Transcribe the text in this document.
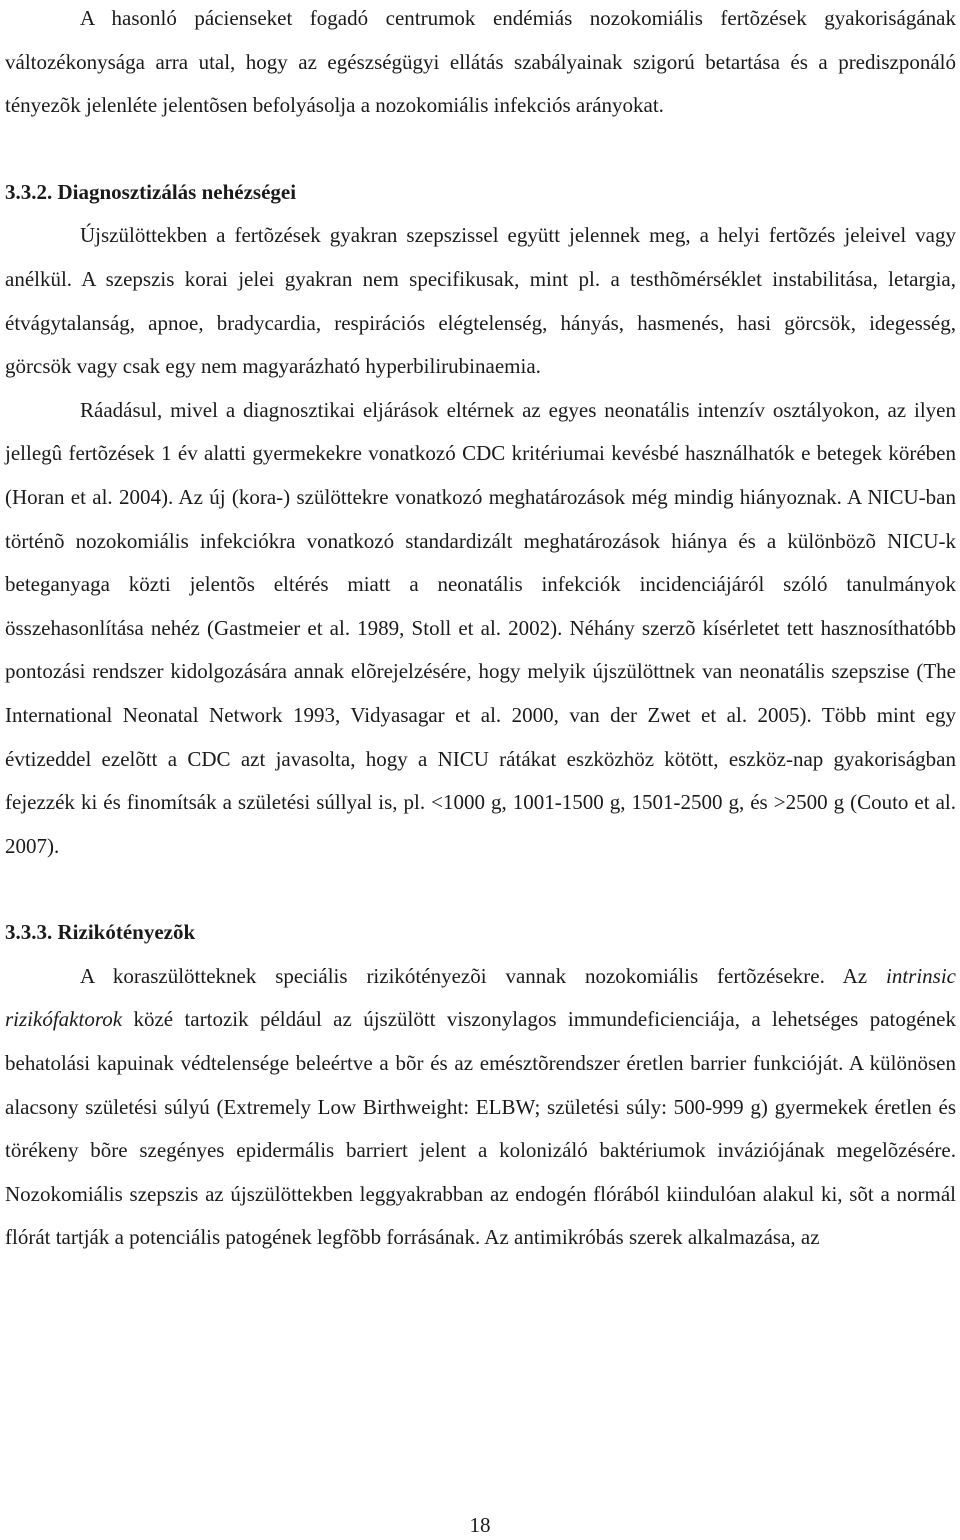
A hasonló pácienseket fogadó centrumok endémiás nozokomiális fertõzések gyakoriságának változékonysága arra utal, hogy az egészségügyi ellátás szabályainak szigorú betartása és a prediszponáló tényezõk jelenléte jelentõsen befolyásolja a nozokomiális infekciós arányokat.

3.3.2. Diagnosztizálás nehézségei

Újszülöttekben a fertõzések gyakran szepszissel együtt jelennek meg, a helyi fertõzés jeleivel vagy anélkül. A szepszis korai jelei gyakran nem specifikusak, mint pl. a testhõmérséklet instabilitása, letargia, étvágytalanság, apnoe, bradycardia, respirációs elégtelenség, hányás, hasmenés, hasi görcsök, idegesség, görcsök vagy csak egy nem magyarázható hyperbilirubinaemia.

Ráadásul, mivel a diagnosztikai eljárások eltérnek az egyes neonatális intenzív osztályokon, az ilyen jellegû fertõzések 1 év alatti gyermekekre vonatkozó CDC kritériumai kevésbé használhatók e betegek körében (Horan et al. 2004). Az új (kora-) szülöttekre vonatkozó meghatározások még mindig hiányoznak. A NICU-ban történõ nozokomiális infekciókra vonatkozó standardizált meghatározások hiánya és a különbözõ NICU-k beteganyaga közti jelentõs eltérés miatt a neonatális infekciók incidenciájáról szóló tanulmányok összehasonlítása nehéz (Gastmeier et al. 1989, Stoll et al. 2002). Néhány szerzõ kísérletet tett hasznosíthatóbb pontozási rendszer kidolgozására annak elõrejelzésére, hogy melyik újszülöttnek van neonatális szepszise (The International Neonatal Network 1993, Vidyasagar et al. 2000, van der Zwet et al. 2005). Több mint egy évtizeddel ezelõtt a CDC azt javasolta, hogy a NICU rátákat eszközhöz kötött, eszköz-nap gyakoriságban fejezzék ki és finomítsák a születési súllyal is, pl. <1000 g, 1001-1500 g, 1501-2500 g, és >2500 g (Couto et al. 2007).

3.3.3. Rizikótényezõk

A koraszülötteknek speciális rizikótényezõi vannak nozokomiális fertõzésekre. Az intrinsic rizikófaktorok közé tartozik például az újszülött viszonylagos immundeficienciája, a lehetséges patogének behatolási kapuinak védtelensége beleértve a bõr és az emésztõrendszer éretlen barrier funkcióját. A különösen alacsony születési súlyú (Extremely Low Birthweight: ELBW; születési súly: 500-999 g) gyermekek éretlen és törékeny bõre szegényes epidermális barriert jelent a kolonizáló baktériumok inváziójának megelõzésére. Nozokomiális szepszis az újszülöttekben leggyakrabban az endogén flórából kiindulóan alakul ki, sõt a normál flórát tartják a potenciális patogének legfõbb forrásának. Az antimikróbás szerek alkalmazása, az

18
